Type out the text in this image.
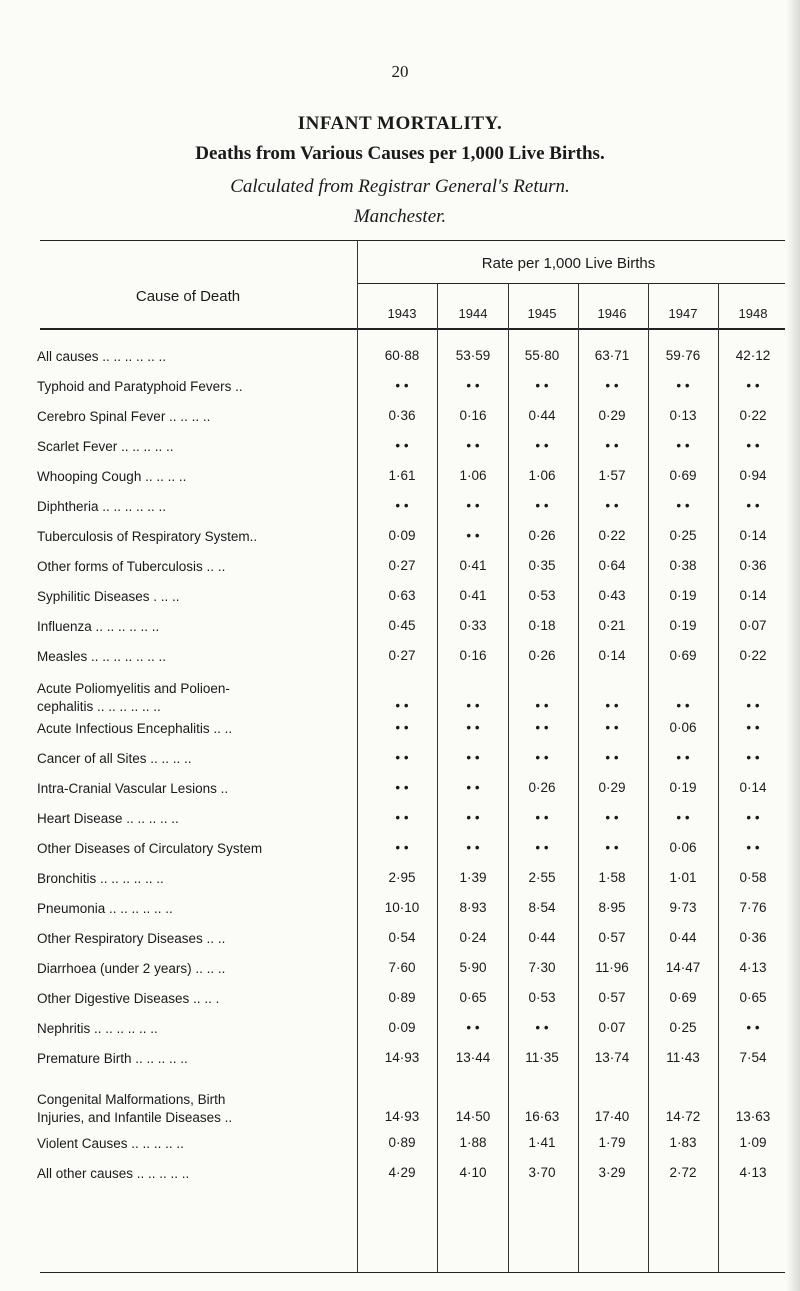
20
INFANT MORTALITY.
Deaths from Various Causes per 1,000 Live Births.
Calculated from Registrar General's Return.
Manchester.
Rate per 1,000 Live Births
Cause of Death
1943	1944	1945	1946	1947	1948
All causes .. .. .. .. .. ..	60·88	53·59	55·80	63·71	59·76	42·12
Typhoid and Paratyphoid Fevers ..	• •	• •	• •	• •	• •	• •
Cerebro Spinal Fever .. .. .. ..	0·36	0·16	0·44	0·29	0·13	0·22
Scarlet Fever .. .. .. .. ..	• •	• •	• •	• •	• •	• •
Whooping Cough .. .. .. ..	1·61	1·06	1·06	1·57	0·69	0·94
Diphtheria .. .. .. .. .. ..	• •	• •	• •	• •	• •	• •
Tuberculosis of Respiratory System..	0·09	• •	0·26	0·22	0·25	0·14
Other forms of Tuberculosis .. ..	0·27	0·41	0·35	0·64	0·38	0·36
Syphilitic Diseases . .. ..	0·63	0·41	0·53	0·43	0·19	0·14
Influenza .. .. .. .. .. ..	0·45	0·33	0·18	0·21	0·19	0·07
Measles .. .. .. .. .. .. ..	0·27	0·16	0·26	0·14	0·69	0·22
Acute Poliomyelitis and Polioen-
cephalitis .. .. .. .. .. ..	• •	• •	• •	• •	• •	• •
Acute Infectious Encephalitis .. ..	• •	• •	• •	• •	0·06	• •
Cancer of all Sites .. .. .. ..	• •	• •	• •	• •	• •	• •
Intra-Cranial Vascular Lesions ..	• •	• •	0·26	0·29	0·19	0·14
Heart Disease .. .. .. .. ..	• •	• •	• •	• •	• •	• •
Other Diseases of Circulatory System	• •	• •	• •	• •	0·06	• •
Bronchitis .. .. .. .. .. ..	2·95	1·39	2·55	1·58	1·01	0·58
Pneumonia .. .. .. .. .. ..	10·10	8·93	8·54	8·95	9·73	7·76
Other Respiratory Diseases .. ..	0·54	0·24	0·44	0·57	0·44	0·36
Diarrhoea (under 2 years) .. .. ..	7·60	5·90	7·30	11·96	14·47	4·13
Other Digestive Diseases .. .. .	0·89	0·65	0·53	0·57	0·69	0·65
Nephritis .. .. .. .. .. ..	0·09	• •	• •	0·07	0·25	• •
Premature Birth .. .. .. .. ..	14·93	13·44	11·35	13·74	11·43	7·54
Congenital Malformations, Birth
Injuries, and Infantile Diseases ..	14·93	14·50	16·63	17·40	14·72	13·63
Violent Causes .. .. .. .. ..	0·89	1·88	1·41	1·79	1·83	1·09
All other causes .. .. .. .. ..	4·29	4·10	3·70	3·29	2·72	4·13
